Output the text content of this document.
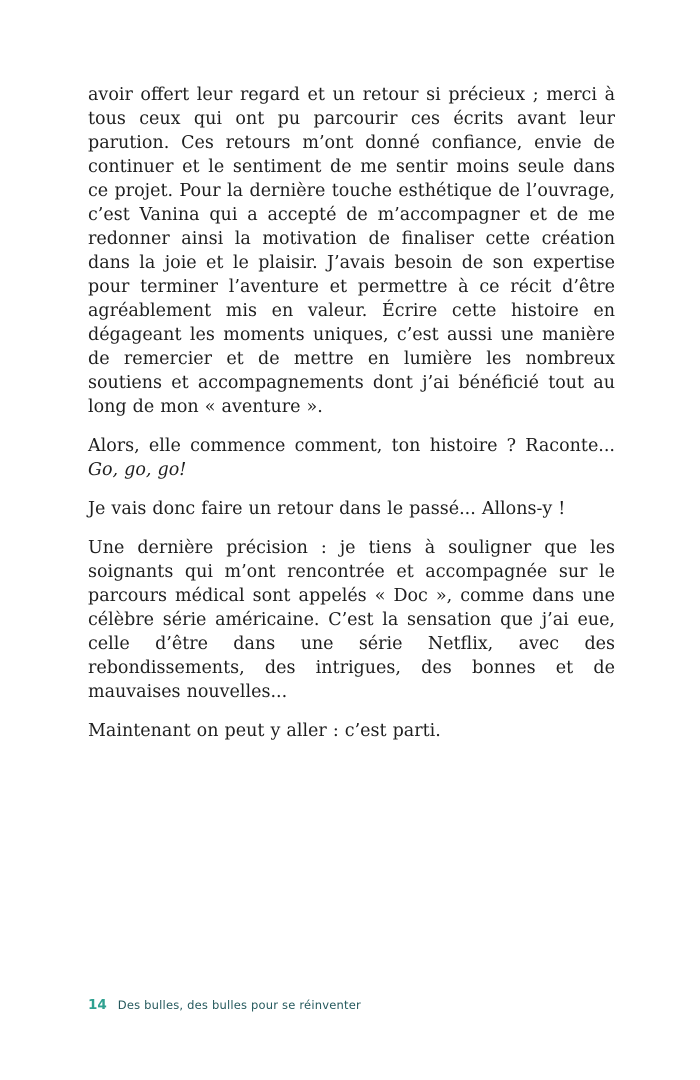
avoir offert leur regard et un retour si précieux ; merci à tous ceux qui ont pu parcourir ces écrits avant leur parution. Ces retours m’ont donné confiance, envie de continuer et le sentiment de me sentir moins seule dans ce projet. Pour la dernière touche esthétique de l’ouvrage, c’est Vanina qui a accepté de m’accompagner et de me redonner ainsi la motivation de finaliser cette création dans la joie et le plaisir. J’avais besoin de son expertise pour terminer l’aventure et permettre à ce récit d’être agréablement mis en valeur. Écrire cette histoire en dégageant les moments uniques, c’est aussi une manière de remercier et de mettre en lumière les nombreux soutiens et accompagnements dont j’ai bénéficié tout au long de mon « aventure ».

Alors, elle commence comment, ton histoire ? Raconte... Go, go, go!

Je vais donc faire un retour dans le passé... Allons-y !

Une dernière précision : je tiens à souligner que les soignants qui m’ont rencontrée et accompagnée sur le parcours médical sont appelés « Doc », comme dans une célèbre série américaine. C’est la sensation que j’ai eue, celle d’être dans une série Netflix, avec des rebondissements, des intrigues, des bonnes et de mauvaises nouvelles...

Maintenant on peut y aller : c’est parti.

14 Des bulles, des bulles pour se réinventer
